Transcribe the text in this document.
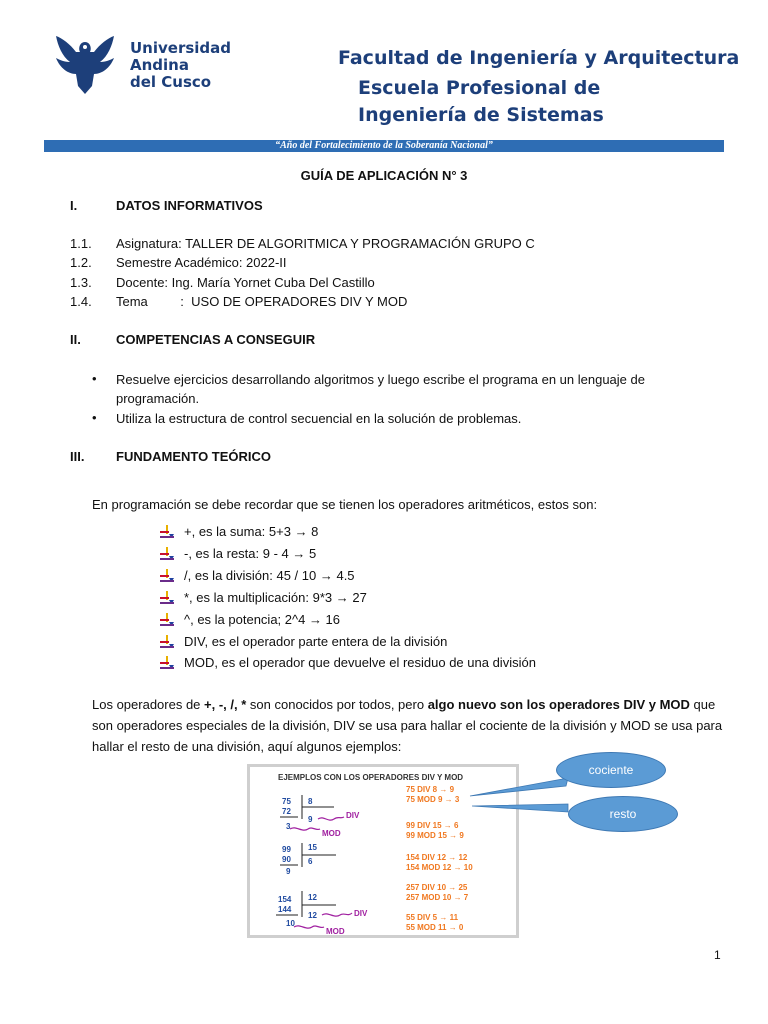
Universidad
Andina
del Cusco
Facultad de Ingeniería y Arquitectura
Escuela Profesional de
Ingeniería de Sistemas
“Año del Fortalecimiento de la Soberanía Nacional”
GUÍA DE APLICACIÓN N° 3
I.	DATOS INFORMATIVOS
1.1. Asignatura: TALLER DE ALGORITMICA Y PROGRAMACIÓN GRUPO C
1.2. Semestre Académico: 2022-II
1.3. Docente: Ing. María Yornet Cuba Del Castillo
1.4. Tema         :  USO DE OPERADORES DIV Y MOD
II.	COMPETENCIAS A CONSEGUIR
• Resuelve ejercicios desarrollando algoritmos y luego escribe el programa en un lenguaje de programación.
• Utiliza la estructura de control secuencial en la solución de problemas.
III. FUNDAMENTO TEÓRICO
En programación se debe recordar que se tienen los operadores aritméticos, estos son:
+, es la suma: 5+3 → 8
-, es la resta: 9 - 4 → 5
/, es la división: 45 / 10 → 4.5
*, es la multiplicación: 9*3 → 27
^, es la potencia; 2^4 → 16
DIV, es el operador parte entera de la división
MOD, es el operador que devuelve el residuo de una división
Los operadores de +, -, /, * son conocidos por todos, pero algo nuevo son los operadores DIV y MOD que son operadores especiales de la división, DIV se usa para hallar el cociente de la división y MOD se usa para hallar el resto de una división, aquí algunos ejemplos:
EJEMPLOS CON LOS OPERADORES DIV Y MOD
75
72
8
9
3
DIV
MOD
99
90
15
6
9
154
144
12
12
10
DIV
MOD
75 DIV 8 → 9
75 MOD 9 → 3
99 DIV 15 → 6
99 MOD 15 → 9
154 DIV 12 → 12
154 MOD 12 → 10
257 DIV 10 → 25
257 MOD 10 → 7
55 DIV 5 → 11
55 MOD 11 → 0
cociente
resto
1
